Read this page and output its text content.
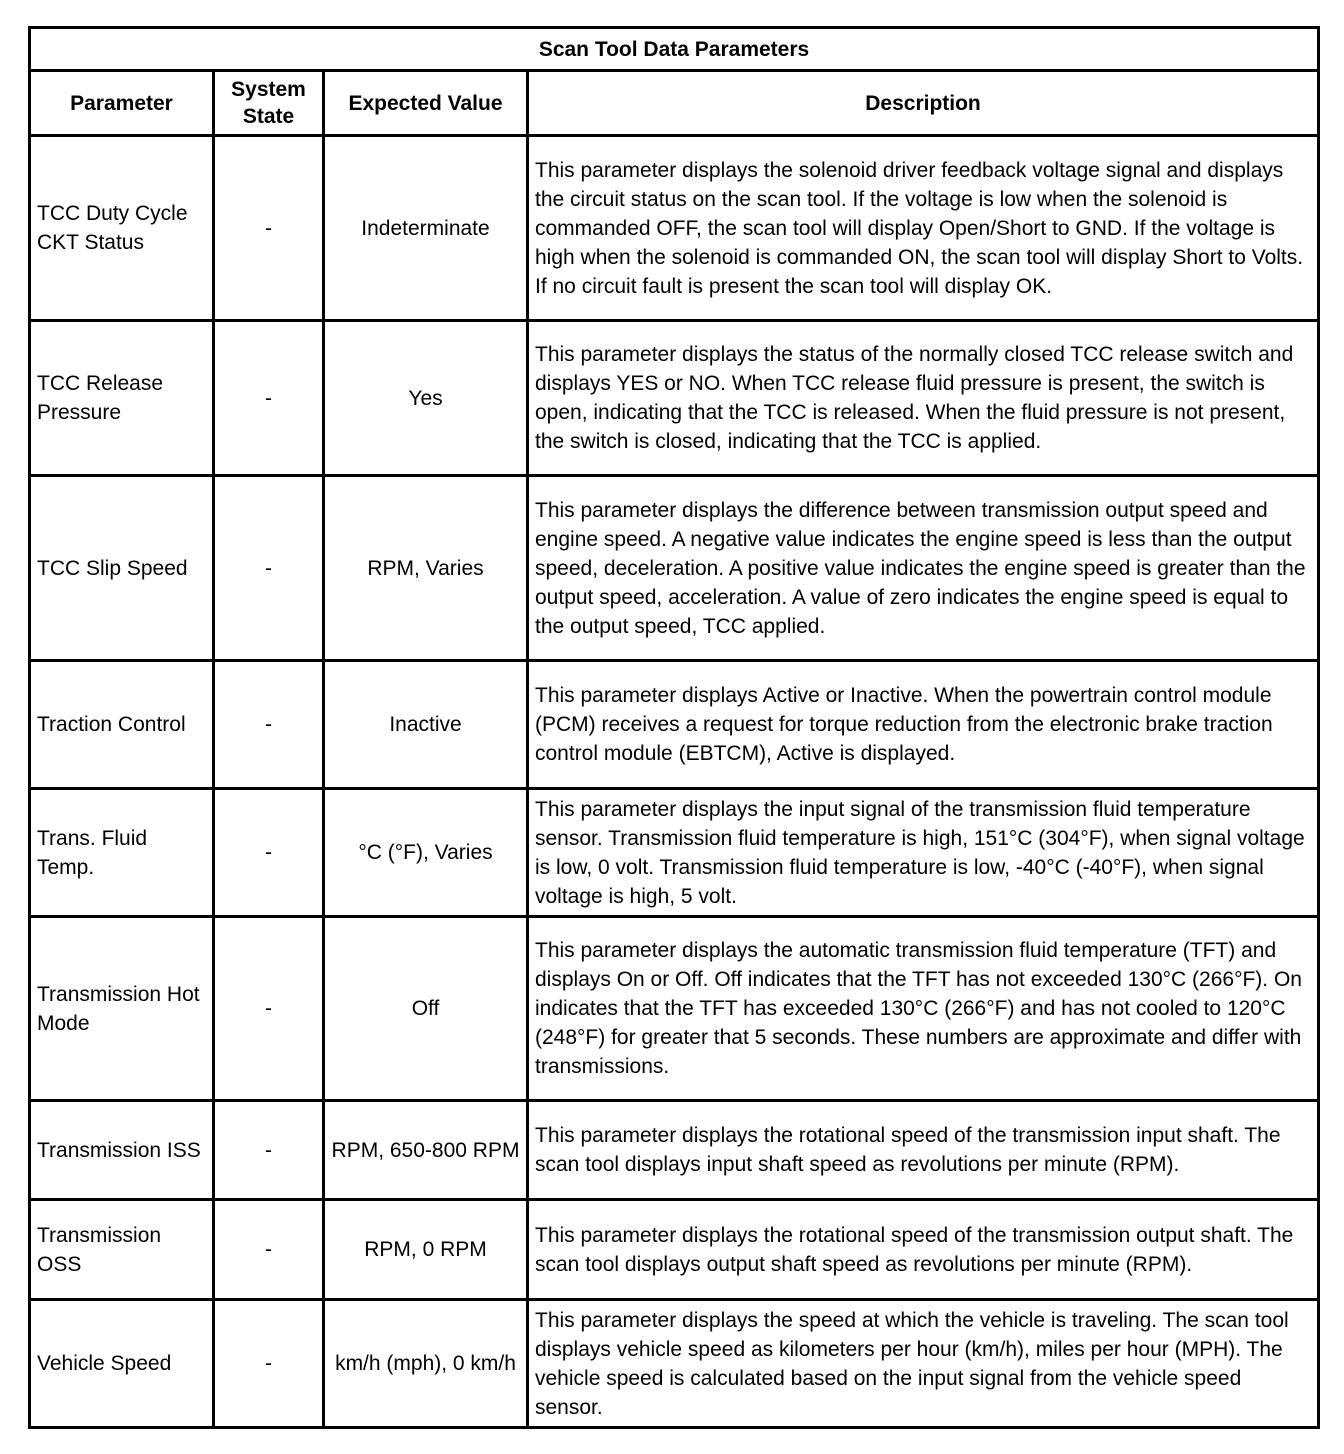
Scan Tool Data Parameters			
Parameter	System State	Expected Value	Description
TCC Duty Cycle CKT Status	-	Indeterminate	This parameter displays the solenoid driver feedback voltage signal and displays the circuit status on the scan tool. If the voltage is low when the solenoid is commanded OFF, the scan tool will display Open/Short to GND. If the voltage is high when the solenoid is commanded ON, the scan tool will display Short to Volts. If no circuit fault is present the scan tool will display OK.
TCC Release Pressure	-	Yes	This parameter displays the status of the normally closed TCC release switch and displays YES or NO. When TCC release fluid pressure is present, the switch is open, indicating that the TCC is released. When the fluid pressure is not present, the switch is closed, indicating that the TCC is applied.
TCC Slip Speed	-	RPM, Varies	This parameter displays the difference between transmission output speed and engine speed. A negative value indicates the engine speed is less than the output speed, deceleration. A positive value indicates the engine speed is greater than the output speed, acceleration. A value of zero indicates the engine speed is equal to the output speed, TCC applied.
Traction Control	-	Inactive	This parameter displays Active or Inactive. When the powertrain control module (PCM) receives a request for torque reduction from the electronic brake traction control module (EBTCM), Active is displayed.
Trans. Fluid Temp.	-	°C (°F), Varies	This parameter displays the input signal of the transmission fluid temperature sensor. Transmission fluid temperature is high, 151°C (304°F), when signal voltage is low, 0 volt. Transmission fluid temperature is low, -40°C (-40°F), when signal voltage is high, 5 volt.
Transmission Hot Mode	-	Off	This parameter displays the automatic transmission fluid temperature (TFT) and displays On or Off. Off indicates that the TFT has not exceeded 130°C (266°F). On indicates that the TFT has exceeded 130°C (266°F) and has not cooled to 120°C (248°F) for greater that 5 seconds. These numbers are approximate and differ with transmissions.
Transmission ISS	-	RPM, 650-800 RPM	This parameter displays the rotational speed of the transmission input shaft. The scan tool displays input shaft speed as revolutions per minute (RPM).
Transmission OSS	-	RPM, 0 RPM	This parameter displays the rotational speed of the transmission output shaft. The scan tool displays output shaft speed as revolutions per minute (RPM).
Vehicle Speed	-	km/h (mph), 0 km/h	This parameter displays the speed at which the vehicle is traveling. The scan tool displays vehicle speed as kilometers per hour (km/h), miles per hour (MPH). The vehicle speed is calculated based on the input signal from the vehicle speed sensor.
